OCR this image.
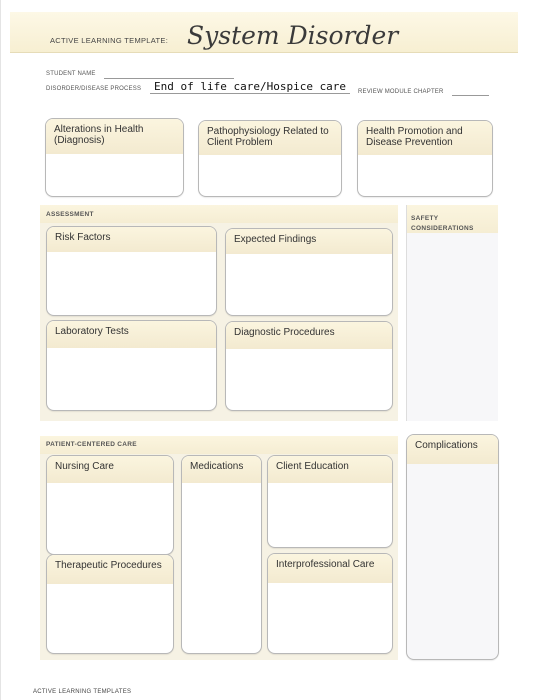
ACTIVE LEARNING TEMPLATE: System Disorder
STUDENT NAME
DISORDER/DISEASE PROCESS End of life care/Hospice care REVIEW MODULE CHAPTER
Alterations in Health (Diagnosis)
Pathophysiology Related to Client Problem
Health Promotion and Disease Prevention
ASSESSMENT
Risk Factors	Expected Findings
Laboratory Tests	Diagnostic Procedures
SAFETY CONSIDERATIONS
PATIENT-CENTERED CARE
Nursing Care	Medications	Client Education
Therapeutic Procedures	Interprofessional Care
Complications
ACTIVE LEARNING TEMPLATES
